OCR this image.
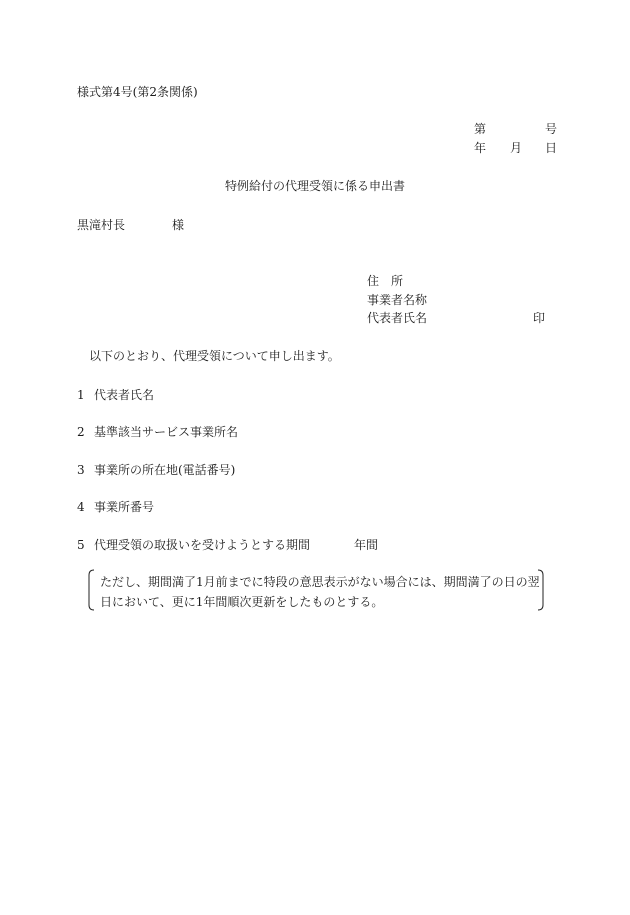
様式第4号(第2条関係)
第	号
年 月 日
特例給付の代理受領に係る申出書
黒滝村長	様
住　所
事業者名称
代表者氏名	印
以下のとおり、代理受領について申し出ます。
1 代表者氏名
2 基準該当サービス事業所名
3 事業所の所在地(電話番号)
4 事業所番号
5 代理受領の取扱いを受けようとする期間	年間
ただし、期間満了1月前までに特段の意思表示がない場合には、期間満了の日の翌
日において、更に1年間順次更新をしたものとする。
